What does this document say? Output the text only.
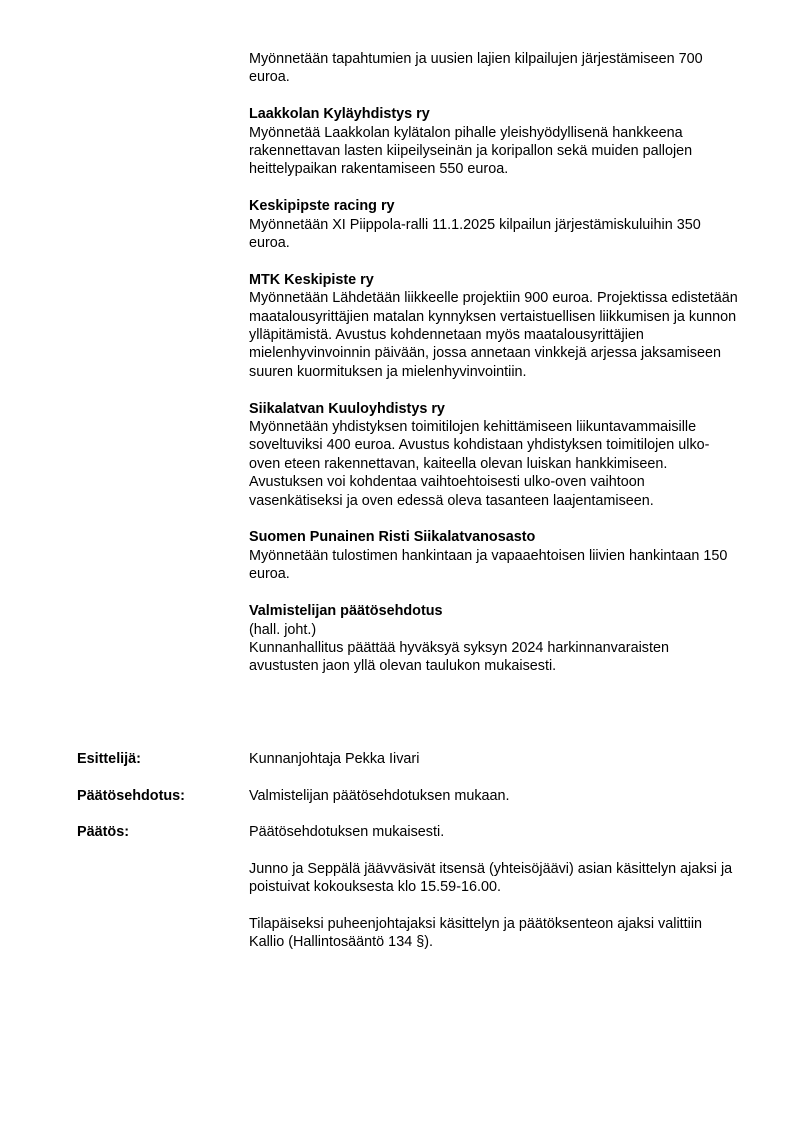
Myönnetään tapahtumien ja uusien lajien kilpailujen järjestämiseen 700 euroa.
Laakkolan Kyläyhdistys ry
Myönnetää Laakkolan kylätalon pihalle yleishyödyllisenä hankkeena rakennettavan lasten kiipeilyseinän ja koripallon sekä muiden pallojen heittelypaikan rakentamiseen 550 euroa.
Keskipipste racing ry
Myönnetään XI Piippola-ralli 11.1.2025 kilpailun järjestämiskuluihin 350 euroa.
MTK Keskipiste ry
Myönnetään Lähdetään liikkeelle projektiin 900 euroa. Projektissa edistetään maatalousyrittäjien matalan kynnyksen vertaistuellisen liikkumisen ja kunnon ylläpitämistä. Avustus kohdennetaan myös maatalousyrittäjien mielenhyvinvoinnin päivään, jossa annetaan vinkkejä arjessa jaksamiseen suuren kuormituksen ja mielenhyvinvointiin.
Siikalatvan Kuuloyhdistys ry
Myönnetään yhdistyksen toimitilojen kehittämiseen liikuntavammaisille soveltuviksi 400 euroa. Avustus kohdistaan yhdistyksen toimitilojen ulko-oven eteen rakennettavan, kaiteella olevan luiskan hankkimiseen. Avustuksen voi kohdentaa vaihtoehtoisesti ulko-oven vaihtoon vasenkätiseksi ja oven edessä oleva tasanteen laajentamiseen.
Suomen Punainen Risti Siikalatvanosasto
Myönnetään tulostimen hankintaan ja vapaaehtoisen liivien hankintaan 150 euroa.
Valmistelijan päätösehdotus
(hall. joht.)
Kunnanhallitus päättää hyväksyä syksyn 2024 harkinnanvaraisten avustusten jaon yllä olevan taulukon mukaisesti.
Esittelijä:	Kunnanjohtaja Pekka Iivari
Päätösehdotus:	Valmistelijan päätösehdotuksen mukaan.
Päätös:	Päätösehdotuksen mukaisesti.
Junno ja Seppälä jäävväsivät itsensä (yhteisöjäävi) asian käsittelyn ajaksi ja poistuivat kokouksesta klo 15.59-16.00.
Tilapäiseksi puheenjohtajaksi käsittelyn ja päätöksenteon ajaksi valittiin Kallio (Hallintosääntö 134 §).
